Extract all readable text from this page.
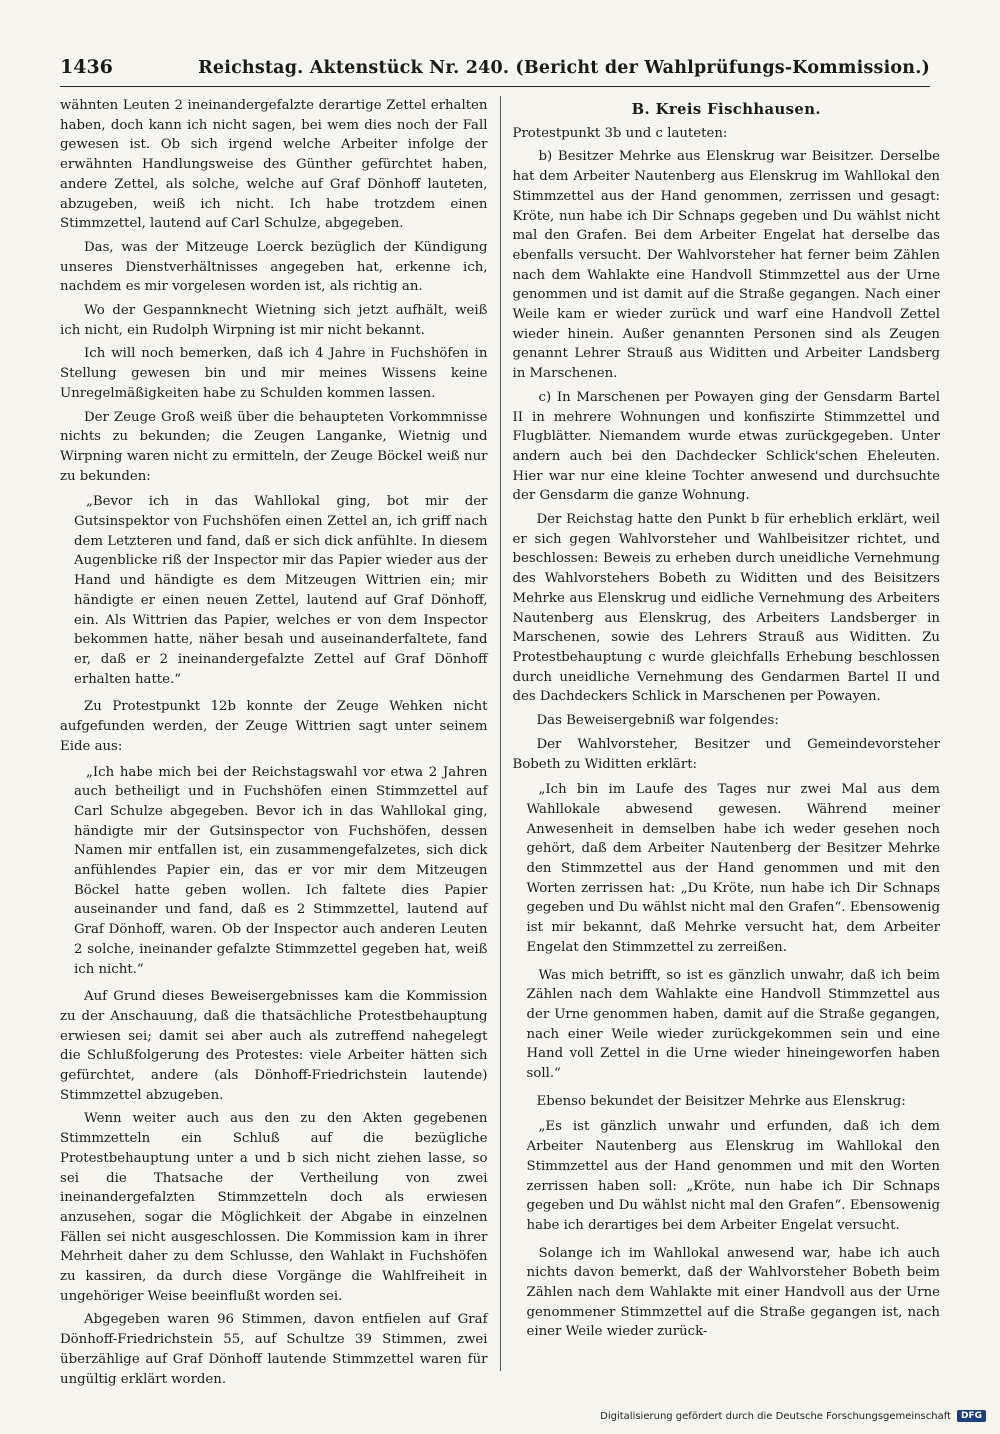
1436	Reichstag. Aktenstück Nr. 240. (Bericht der Wahlprüfungs-Kommission.)

wähnten Leuten 2 ineinandergefalzte derartige Zettel erhalten haben, doch kann ich nicht sagen, bei wem dies noch der Fall gewesen ist. Ob sich irgend welche Arbeiter infolge der erwähnten Handlungsweise des Günther gefürchtet haben, andere Zettel, als solche, welche auf Graf Dönhoff lauteten, abzugeben, weiß ich nicht. Ich habe trotzdem einen Stimmzettel, lautend auf Carl Schulze, abgegeben.

Das, was der Mitzeuge Loerck bezüglich der Kündigung unseres Dienstverhältnisses angegeben hat, erkenne ich, nachdem es mir vorgelesen worden ist, als richtig an.

Wo der Gespannknecht Wietning sich jetzt aufhält, weiß ich nicht, ein Rudolph Wirpning ist mir nicht bekannt.

Ich will noch bemerken, daß ich 4 Jahre in Fuchshöfen in Stellung gewesen bin und mir meines Wissens keine Unregelmäßigkeiten habe zu Schulden kommen lassen.

Der Zeuge Groß weiß über die behaupteten Vorkommnisse nichts zu bekunden; die Zeugen Langanke, Wietnig und Wirpning waren nicht zu ermitteln, der Zeuge Böckel weiß nur zu bekunden:

„Bevor ich in das Wahllokal ging, bot mir der Gutsinspektor von Fuchshöfen einen Zettel an, ich griff nach dem Letzteren und fand, daß er sich dick anfühlte. In diesem Augenblicke riß der Inspector mir das Papier wieder aus der Hand und händigte es dem Mitzeugen Wittrien ein; mir händigte er einen neuen Zettel, lautend auf Graf Dönhoff, ein. Als Wittrien das Papier, welches er von dem Inspector bekommen hatte, näher besah und auseinanderfaltete, fand er, daß er 2 ineinandergefalzte Zettel auf Graf Dönhoff erhalten hatte.“

Zu Protestpunkt 12b konnte der Zeuge Wehken nicht aufgefunden werden, der Zeuge Wittrien sagt unter seinem Eide aus:

„Ich habe mich bei der Reichstagswahl vor etwa 2 Jahren auch betheiligt und in Fuchshöfen einen Stimmzettel auf Carl Schulze abgegeben. Bevor ich in das Wahllokal ging, händigte mir der Gutsinspector von Fuchshöfen, dessen Namen mir entfallen ist, ein zusammengefalzetes, sich dick anfühlendes Papier ein, das er vor mir dem Mitzeugen Böckel hatte geben wollen. Ich faltete dies Papier auseinander und fand, daß es 2 Stimmzettel, lautend auf Graf Dönhoff, waren. Ob der Inspector auch anderen Leuten 2 solche, ineinander gefalzte Stimmzettel gegeben hat, weiß ich nicht.“

Auf Grund dieses Beweisergebnisses kam die Kommission zu der Anschauung, daß die thatsächliche Protestbehauptung erwiesen sei; damit sei aber auch als zutreffend nahegelegt die Schlußfolgerung des Protestes: viele Arbeiter hätten sich gefürchtet, andere (als Dönhoff-Friedrichstein lautende) Stimmzettel abzugeben.

Wenn weiter auch aus den zu den Akten gegebenen Stimmzetteln ein Schluß auf die bezügliche Protestbehauptung unter a und b sich nicht ziehen lasse, so sei die Thatsache der Vertheilung von zwei ineinandergefalzten Stimmzetteln doch als erwiesen anzusehen, sogar die Möglichkeit der Abgabe in einzelnen Fällen sei nicht ausgeschlossen. Die Kommission kam in ihrer Mehrheit daher zu dem Schlusse, den Wahlakt in Fuchshöfen zu kassiren, da durch diese Vorgänge die Wahlfreiheit in ungehöriger Weise beeinflußt worden sei.

Abgegeben waren 96 Stimmen, davon entfielen auf Graf Dönhoff-Friedrichstein 55, auf Schultze 39 Stimmen, zwei überzählige auf Graf Dönhoff lautende Stimmzettel waren für ungültig erklärt worden.

B. Kreis Fischhausen.

Protestpunkt 3b und c lauteten:

b) Besitzer Mehrke aus Elenskrug war Beisitzer. Derselbe hat dem Arbeiter Nautenberg aus Elenskrug im Wahllokal den Stimmzettel aus der Hand genommen, zerrissen und gesagt: Kröte, nun habe ich Dir Schnaps gegeben und Du wählst nicht mal den Grafen. Bei dem Arbeiter Engelat hat derselbe das ebenfalls versucht. Der Wahlvorsteher hat ferner beim Zählen nach dem Wahlakte eine Handvoll Stimmzettel aus der Urne genommen und ist damit auf die Straße gegangen. Nach einer Weile kam er wieder zurück und warf eine Handvoll Zettel wieder hinein. Außer genannten Personen sind als Zeugen genannt Lehrer Strauß aus Widitten und Arbeiter Landsberg in Marschenen.

c) In Marschenen per Powayen ging der Gensdarm Bartel II in mehrere Wohnungen und konfiszirte Stimmzettel und Flugblätter. Niemandem wurde etwas zurückgegeben. Unter andern auch bei den Dachdecker Schlick'schen Eheleuten. Hier war nur eine kleine Tochter anwesend und durchsuchte der Gensdarm die ganze Wohnung.

Der Reichstag hatte den Punkt b für erheblich erklärt, weil er sich gegen Wahlvorsteher und Wahlbeisitzer richtet, und beschlossen: Beweis zu erheben durch uneidliche Vernehmung des Wahlvorstehers Bobeth zu Widitten und des Beisitzers Mehrke aus Elenskrug und eidliche Vernehmung des Arbeiters Nautenberg aus Elenskrug, des Arbeiters Landsberger in Marschenen, sowie des Lehrers Strauß aus Widitten. Zu Protestbehauptung c wurde gleichfalls Erhebung beschlossen durch uneidliche Vernehmung des Gendarmen Bartel II und des Dachdeckers Schlick in Marschenen per Powayen.

Das Beweisergebniß war folgendes:

Der Wahlvorsteher, Besitzer und Gemeindevorsteher Bobeth zu Widitten erklärt:

„Ich bin im Laufe des Tages nur zwei Mal aus dem Wahllokale abwesend gewesen. Während meiner Anwesenheit in demselben habe ich weder gesehen noch gehört, daß dem Arbeiter Nautenberg der Besitzer Mehrke den Stimmzettel aus der Hand genommen und mit den Worten zerrissen hat: „Du Kröte, nun habe ich Dir Schnaps gegeben und Du wählst nicht mal den Grafen“. Ebensowenig ist mir bekannt, daß Mehrke versucht hat, dem Arbeiter Engelat den Stimmzettel zu zerreißen.

Was mich betrifft, so ist es gänzlich unwahr, daß ich beim Zählen nach dem Wahlakte eine Handvoll Stimmzettel aus der Urne genommen haben, damit auf die Straße gegangen, nach einer Weile wieder zurückgekommen sein und eine Hand voll Zettel in die Urne wieder hineingeworfen haben soll.“

Ebenso bekundet der Beisitzer Mehrke aus Elenskrug:

„Es ist gänzlich unwahr und erfunden, daß ich dem Arbeiter Nautenberg aus Elenskrug im Wahllokal den Stimmzettel aus der Hand genommen und mit den Worten zerrissen haben soll: „Kröte, nun habe ich Dir Schnaps gegeben und Du wählst nicht mal den Grafen“. Ebensowenig habe ich derartiges bei dem Arbeiter Engelat versucht.

Solange ich im Wahllokal anwesend war, habe ich auch nichts davon bemerkt, daß der Wahlvorsteher Bobeth beim Zählen nach dem Wahlakte mit einer Handvoll aus der Urne genommener Stimmzettel auf die Straße gegangen ist, nach einer Weile wieder zurück-

Digitalisierung gefördert durch die Deutsche Forschungsgemeinschaft	DFG
